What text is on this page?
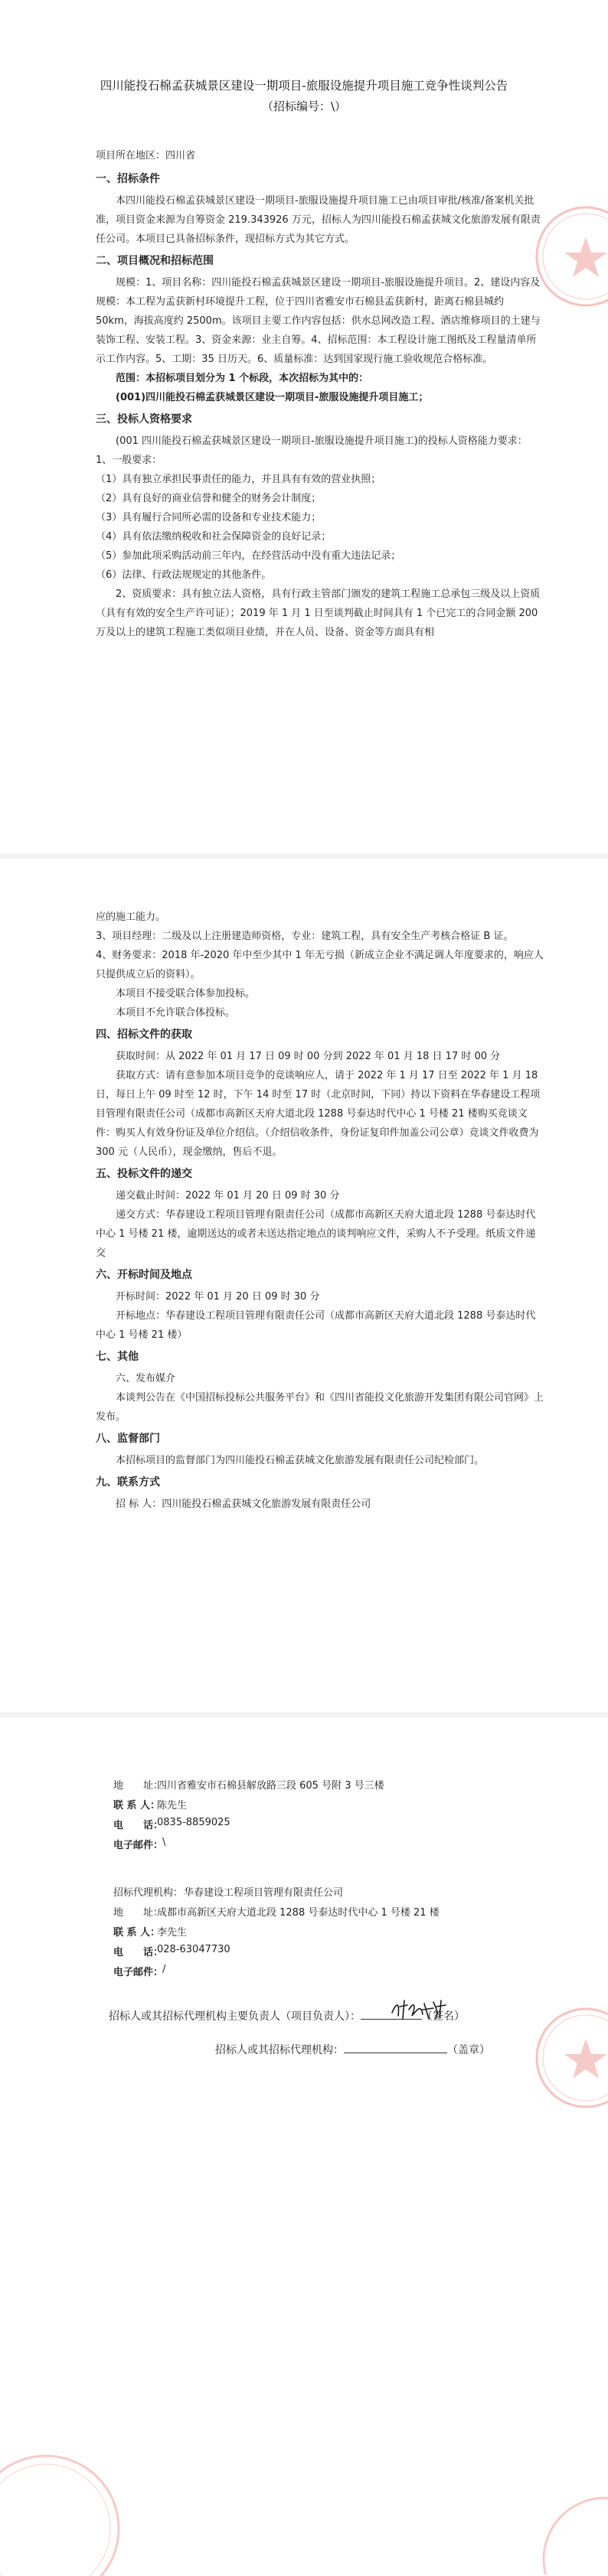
四川能投石棉孟获城景区建设一期项目-旅服设施提升项目施工竞争性谈判公告
（招标编号：\）
项目所在地区：四川省

一、招标条件

本四川能投石棉孟获城景区建设一期项目-旅服设施提升项目施工已由项目审批/核准/备案机关批准，项目资金来源为自筹资金 219.343926 万元，招标人为四川能投石棉孟获城文化旅游发展有限责任公司。本项目已具备招标条件，现招标方式为其它方式。

二、项目概况和招标范围

规模：1、项目名称：四川能投石棉孟获城景区建设一期项目-旅服设施提升项目。2、建设内容及规模：本工程为孟获新村环境提升工程，位于四川省雅安市石棉县孟获新村，距离石棉县城约 50km，海拔高度约 2500m。该项目主要工作内容包括：供水总网改造工程、酒店维修项目的土建与装饰工程、安装工程。3、资金来源：业主自筹。4、招标范围：本工程设计施工图纸及工程量清单所示工作内容。5、工期：35 日历天。6、质量标准：达到国家现行施工验收规范合格标准。

范围：本招标项目划分为 1 个标段，本次招标为其中的：

(001)四川能投石棉孟获城景区建设一期项目-旅服设施提升项目施工；

三、投标人资格要求

(001 四川能投石棉孟获城景区建设一期项目-旅服设施提升项目施工)的投标人资格能力要求：1、一般要求：

（1）具有独立承担民事责任的能力，并且具有有效的营业执照；

（2）具有良好的商业信誉和健全的财务会计制度；

（3）具有履行合同所必需的设备和专业技术能力；

（4）具有依法缴纳税收和社会保障资金的良好记录；

（5）参加此项采购活动前三年内，在经营活动中没有重大违法记录；

（6）法律、行政法规规定的其他条件。

2、资质要求：具有独立法人资格，具有行政主管部门颁发的建筑工程施工总承包三级及以上资质（具有有效的安全生产许可证）；2019 年 1 月 1 日至谈判截止时间具有 1 个已完工的合同金额 200 万及以上的建筑工程施工类似项目业绩，并在人员、设备、资金等方面具有相

应的施工能力。

3、项目经理：二级及以上注册建造师资格，专业：建筑工程，具有安全生产考核合格证 B 证。

4、财务要求：2018 年-2020 年中至少其中 1 年无亏损（新成立企业不满足调人年度要求的，响应人只提供成立后的资料）。

本项目不接受联合体参加投标。

本项目不允许联合体投标。

四、招标文件的获取

获取时间：从 2022 年 01 月 17 日 09 时 00 分到 2022 年 01 月 18 日 17 时 00 分

获取方式：请有意参加本项目竞争的竞谈响应人，请于 2022 年 1 月 17 日至 2022 年 1 月 18 日，每日上午 09 时至 12 时，下午 14 时至 17 时（北京时间，下同）持以下资料在华春建设工程项目管理有限责任公司（成都市高新区天府大道北段 1288 号泰达时代中心 1 号楼 21 楼购买竞谈文件：购买人有效身份证及单位介绍信。（介绍信收条件，身份证复印件加盖公司公章）竞谈文件收费为 300 元（人民币），现金缴纳，售后不退。

五、投标文件的递交

递交截止时间：2022 年 01 月 20 日 09 时 30 分

递交方式：华春建设工程项目管理有限责任公司（成都市高新区天府大道北段 1288 号泰达时代中心 1 号楼 21 楼，逾期送达的或者未送达指定地点的谈判响应文件，采购人不予受理。纸质文件递交

六、开标时间及地点

开标时间：2022 年 01 月 20 日 09 时 30 分

开标地点：华春建设工程项目管理有限责任公司（成都市高新区天府大道北段 1288 号泰达时代中心 1 号楼 21 楼）

七、其他

六、发布媒介

本谈判公告在《中国招标投标公共服务平台》和《四川省能投文化旅游开发集团有限公司官网》上发布。

八、监督部门

本招标项目的监督部门为四川能投石棉孟获城文化旅游发展有限责任公司纪检部门。

九、联系方式

招 标 人：四川能投石棉孟获城文化旅游发展有限责任公司

地　　址：
四川省雅安市石棉县解放路三段 605 号附 3 号三楼
联 系 人：
陈先生
电　　话：
0835-8859025
电子邮件：
\
招标代理机构： 华春建设工程项目管理有限责任公司
地　　址：
成都市高新区天府大道北段 1288 号泰达时代中心 1 号楼 21 楼
联 系 人：
李先生
电　　话：
028-63047730
电子邮件：
/
招标人或其招标代理机构主要负责人（项目负责人）：	（签名）
招标人或其招标代理机构：	（盖章）
